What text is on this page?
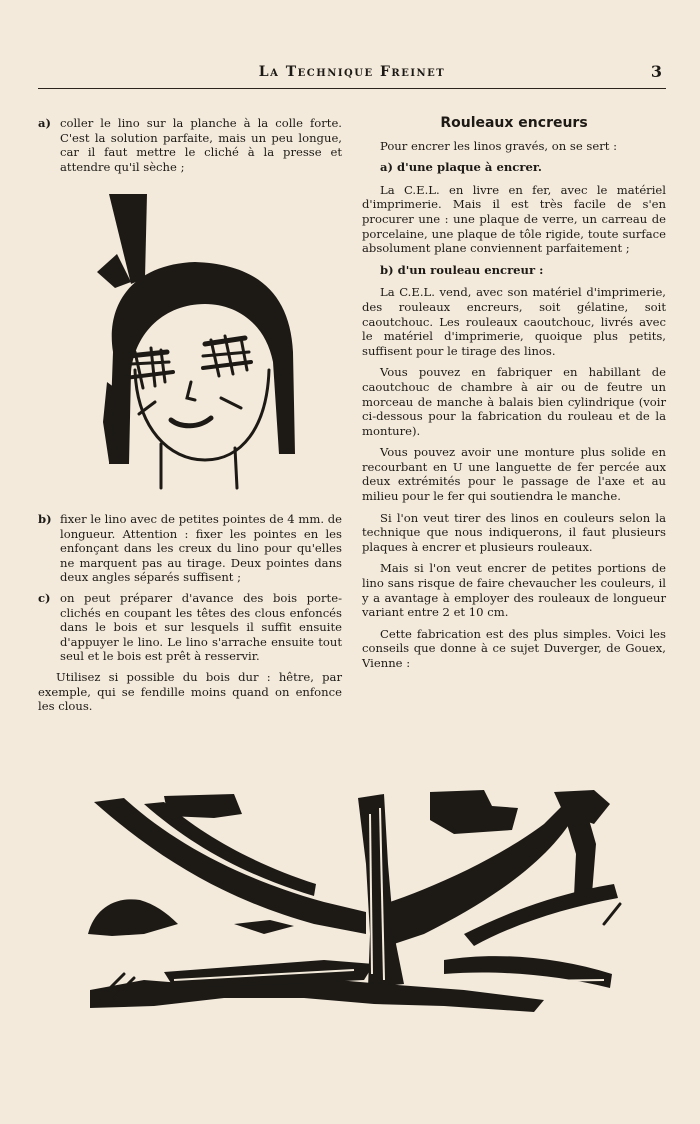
La Technique Freinet	3
a) coller le lino sur la planche à la colle forte. C'est la solution parfaite, mais un peu longue, car il faut mettre le cliché à la presse et attendre qu'il sèche ;
b) fixer le lino avec de petites pointes de 4 mm. de longueur. Attention : fixer les pointes en les enfonçant dans les creux du lino pour qu'elles ne marquent pas au tirage. Deux pointes dans deux angles séparés suffisent ;
c) on peut préparer d'avance des bois porte-clichés en coupant les têtes des clous enfoncés dans le bois et sur lesquels il suffit ensuite d'appuyer le lino. Le lino s'arrache ensuite tout seul et le bois est prêt à resservir.

Utilisez si possible du bois dur : hêtre, par exemple, qui se fendille moins quand on enfonce les clous.

Rouleaux encreurs

Pour encrer les linos gravés, on se sert :

a) d'une plaque à encrer.

La C.E.L. en livre en fer, avec le matériel d'imprimerie. Mais il est très facile de s'en procurer une : une plaque de verre, un carreau de porcelaine, une plaque de tôle rigide, toute surface absolument plane conviennent parfaitement ;

b) d'un rouleau encreur :

La C.E.L. vend, avec son matériel d'imprimerie, des rouleaux encreurs, soit gélatine, soit caoutchouc. Les rouleaux caoutchouc, livrés avec le matériel d'imprimerie, quoique plus petits, suffisent pour le tirage des linos.

Vous pouvez en fabriquer en habillant de caoutchouc de chambre à air ou de feutre un morceau de manche à balais bien cylindrique (voir ci-dessous pour la fabrication du rouleau et de la monture).

Vous pouvez avoir une monture plus solide en recourbant en U une languette de fer percée aux deux extrémités pour le passage de l'axe et au milieu pour le fer qui soutiendra le manche.

Si l'on veut tirer des linos en couleurs selon la technique que nous indiquerons, il faut plusieurs plaques à encrer et plusieurs rouleaux.

Mais si l'on veut encrer de petites portions de lino sans risque de faire chevaucher les couleurs, il y a avantage à employer des rouleaux de longueur variant entre 2 et 10 cm.

Cette fabrication est des plus simples. Voici les conseils que donne à ce sujet Duverger, de Gouex, Vienne :
